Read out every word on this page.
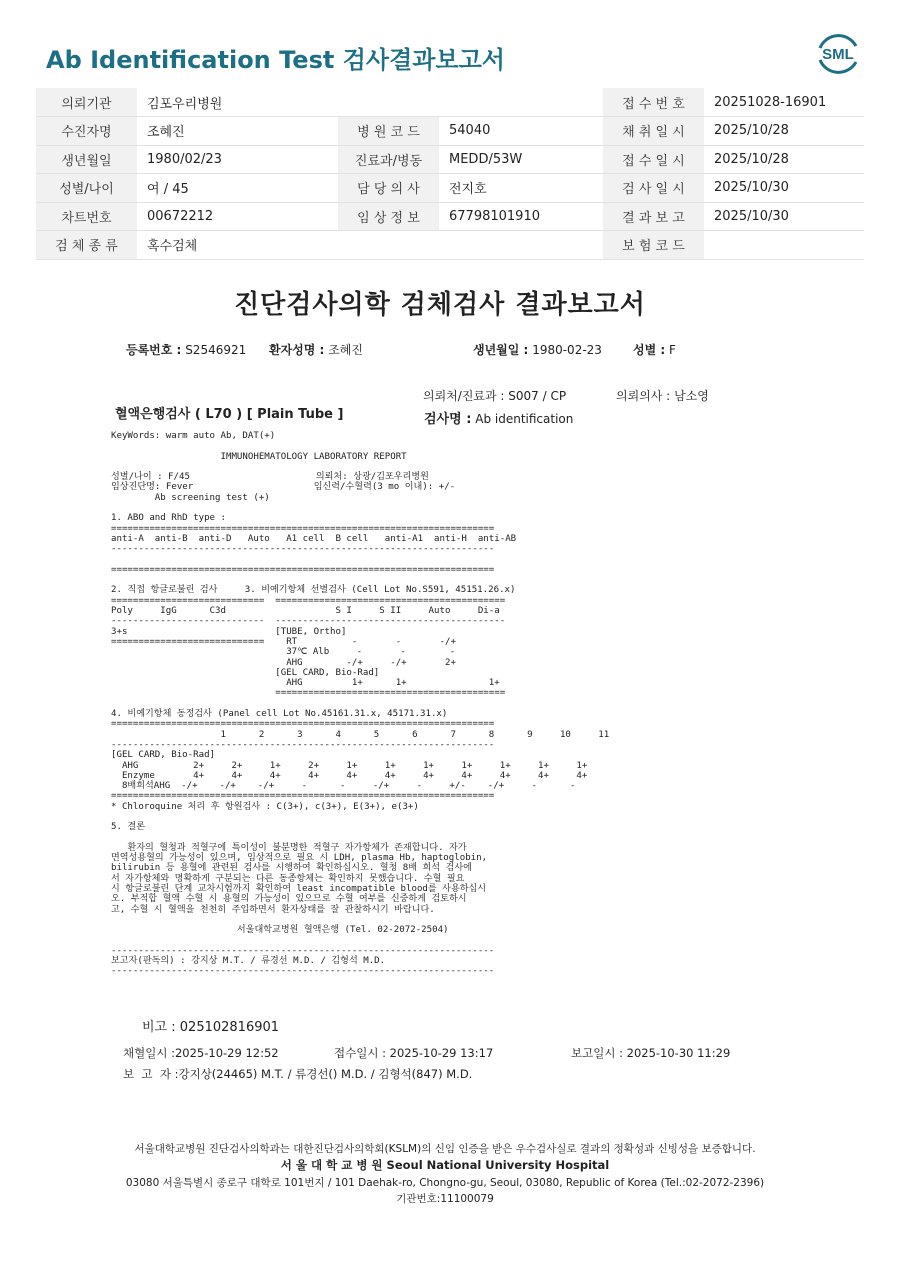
Ab Identification Test 검사결과보고서	SML
의뢰기관	김포우리병원			접 수 번 호	20251028-16901
수진자명	조혜진	병 원 코 드	54040	채 취 일 시	2025/10/28
생년월일	1980/02/23	진료과/병동	MEDD/53W	접 수 일 시	2025/10/28
성별/나이	여 / 45	담 당 의 사	전지호	검 사 일 시	2025/10/30
차트번호	00672212	임 상 정 보	67798101910	결 과 보 고	2025/10/30
검 체 종 류	혹수검체			보 험 코 드	
진단검사의학 검체검사 결과보고서
등록번호 : S2546921 환자성명 : 조혜진	생년월일 : 1980-02-23	성별 : F
의뢰처/진료과 : S007 / CP	의뢰의사 : 남소영
혈액은행검사 ( L70 ) [ Plain Tube ]	검사명 : Ab identification
KeyWords: warm auto Ab, DAT(+)

IMMUNOHEMATOLOGY LABORATORY REPORT

성별/나이 : F/45                       의뢰처: 상광/김포우리병원
임상진단명: Fever                      임신력/수혈력(3 mo 이내): +/-
Ab screening test (+)

1. ABO and RhD type :
======================================================================
anti-A  anti-B  anti-D   Auto   A1 cell  B cell   anti-A1  anti-H  anti-AB
----------------------------------------------------------------------

======================================================================

2. 직접 항글로불린 검사     3. 비예기항체 선별검사 (Cell Lot No.S591, 45151.26.x)
============================  ==========================================
Poly     IgG      C3d                    S I     S II     Auto     Di-a
----------------------------  ------------------------------------------
3+s                           [TUBE, Ortho]
============================    RT          -       -       -/+
37℃ Alb     -       -        -
AHG        -/+     -/+       2+
[GEL CARD, Bio-Rad]
AHG         1+      1+               1+
==========================================

4. 비예기항체 동정검사 (Panel cell Lot No.45161.31.x, 45171.31.x)
======================================================================
1      2      3      4      5      6      7      8      9     10     11
----------------------------------------------------------------------
[GEL CARD, Bio-Rad]
AHG          2+     2+     1+     2+     1+     1+     1+     1+     1+     1+     1+
Enzyme       4+     4+     4+     4+     4+     4+     4+     4+     4+     4+     4+
8배희석AHG  -/+    -/+    -/+     -      -     -/+     -     +/-    -/+     -      -
======================================================================
* Chloroquine 처리 후 항원검사 : C(3+), c(3+), E(3+), e(3+)

5. 결론

환자의 혈청과 적혈구에 특이성이 불분명한 적혈구 자가항체가 존재합니다. 자가
면역성용혈의 가능성이 있으며, 임상적으로 필요 시 LDH, plasma Hb, haptoglobin,
bilirubin 등 용혈에 관련된 검사를 시행하여 확인하십시오. 혈청 8배 희석 검사에
서 자가항체와 명확하게 구분되는 다른 동종항체는 확인하지 못했습니다. 수혈 필요
시 항글로불린 단계 교차시험까지 확인하여 least incompatible blood를 사용하십시
오. 부적합 혈액 수혈 시 용혈의 가능성이 있으므로 수혈 여부를 신중하게 검토하시
고, 수혈 시 혈액을 천천히 주입하면서 환자상태를 잘 관찰하시기 바랍니다.

서울대학교병원 혈액은행 (Tel. 02-2072-2504)

----------------------------------------------------------------------
보고자(판독의) : 강지상 M.T. / 류경선 M.D. / 김형석 M.D.
----------------------------------------------------------------------
비고 : 025102816901
채혈일시 :2025-10-29 12:52	접수일시 : 2025-10-29 13:17	보고일시 : 2025-10-30 11:29
보  고  자 :강지상(24465) M.T. / 류경선() M.D. / 김형석(847) M.D.
서울대학교병원 진단검사의학과는 대한진단검사의학회(KSLM)의 신임 인증을 받은 우수검사실로 결과의 정확성과 신빙성을 보증합니다.
서 울 대 학 교 병 원 Seoul National University Hospital
03080 서울특별시 종로구 대학로 101번지 / 101 Daehak-ro, Chongno-gu, Seoul, 03080, Republic of Korea (Tel.:02-2072-2396)
기관번호:11100079
